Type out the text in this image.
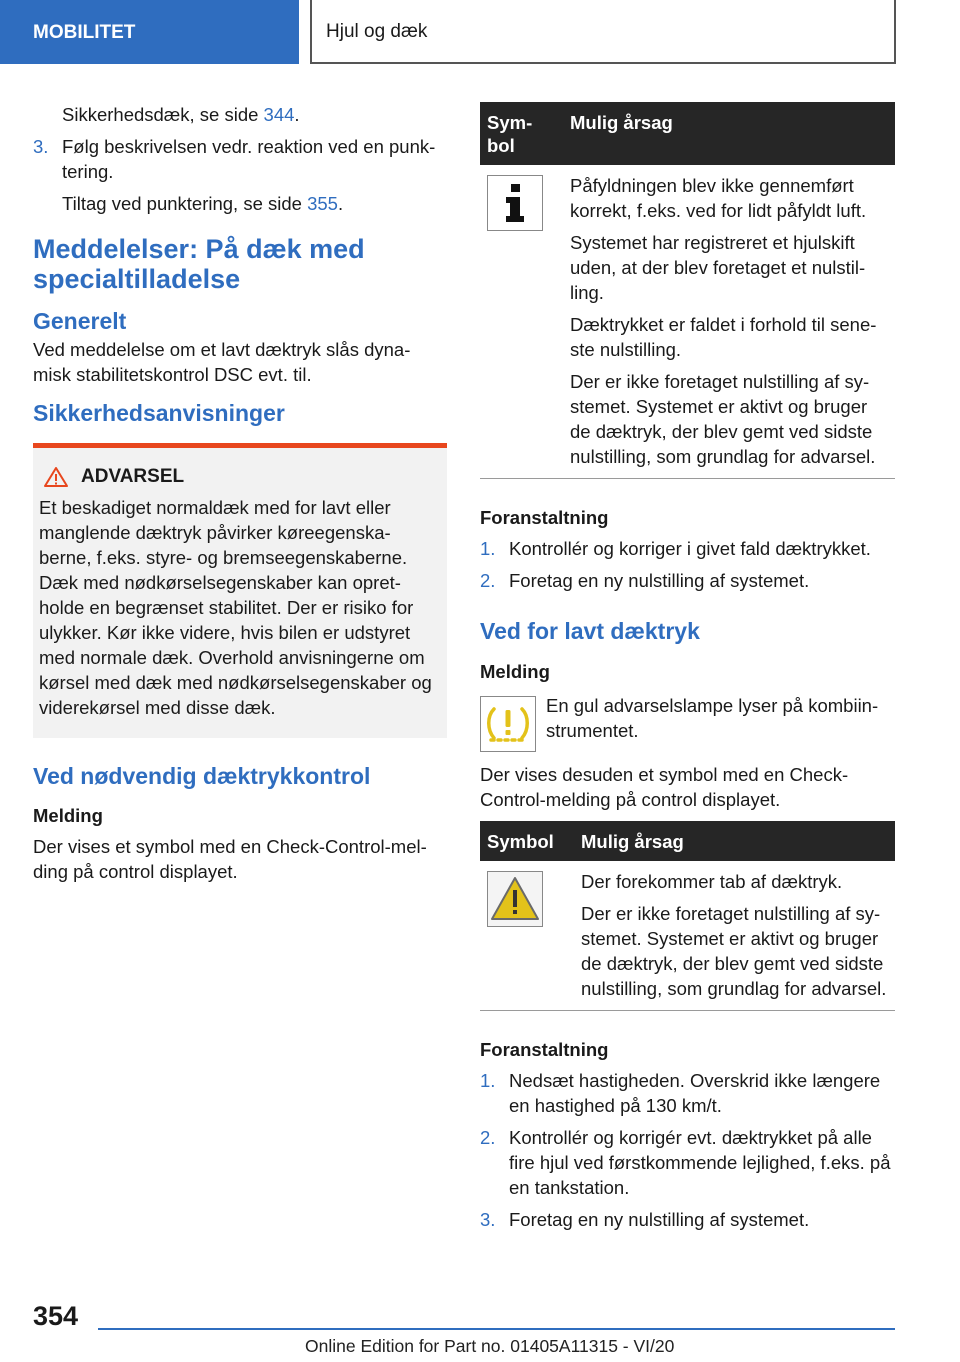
MOBILITET	Hjul og dæk

Sikkerhedsdæk, se side 344.

3. Følg beskrivelsen vedr. reaktion ved en punk-tering.

Tiltag ved punktering, se side 355.

Meddelelser: På dæk med specialtilladelse

Generelt

Ved meddelelse om et lavt dæktryk slås dyna-misk stabilitetskontrol DSC evt. til.

Sikkerhedsanvisninger

ADVARSEL

Et beskadiget normaldæk med for lavt eller manglende dæktryk påvirker køreegenska-berne, f.eks. styre- og bremseegenskaberne. Dæk med nødkørselsegenskaber kan opret-holde en begrænset stabilitet. Der er risiko for ulykker. Kør ikke videre, hvis bilen er udstyret med normale dæk. Overhold anvisningerne om kørsel med dæk med nødkørselsegenskaber og viderekørsel med disse dæk.

Ved nødvendig dæktrykkontrol

Melding

Der vises et symbol med en Check-Control-mel-ding på control displayet.

Sym-bol	Mulig årsag

Påfyldningen blev ikke gennemført korrekt, f.eks. ved for lidt påfyldt luft.

Systemet har registreret et hjulskift uden, at der blev foretaget et nulstil-ling.

Dæktrykket er faldet i forhold til sene-ste nulstilling.

Der er ikke foretaget nulstilling af sy-stemet. Systemet er aktivt og bruger de dæktryk, der blev gemt ved sidste nulstilling, som grundlag for advarsel.

Foranstaltning

1. Kontrollér og korriger i givet fald dæktrykket.
2. Foretag en ny nulstilling af systemet.

Ved for lavt dæktryk

Melding

En gul advarselslampe lyser på kombiin-strumentet.

Der vises desuden et symbol med en Check-Control-melding på control displayet.

Symbol	Mulig årsag

Der forekommer tab af dæktryk.

Der er ikke foretaget nulstilling af sy-stemet. Systemet er aktivt og bruger de dæktryk, der blev gemt ved sidste nulstilling, som grundlag for advarsel.

Foranstaltning

1. Nedsæt hastigheden. Overskrid ikke længere en hastighed på 130 km/t.
2. Kontrollér og korrigér evt. dæktrykket på alle fire hjul ved førstkommende lejlighed, f.eks. på en tankstation.
3. Foretag en ny nulstilling af systemet.
354
Online Edition for Part no. 01405A11315 - VI/20
